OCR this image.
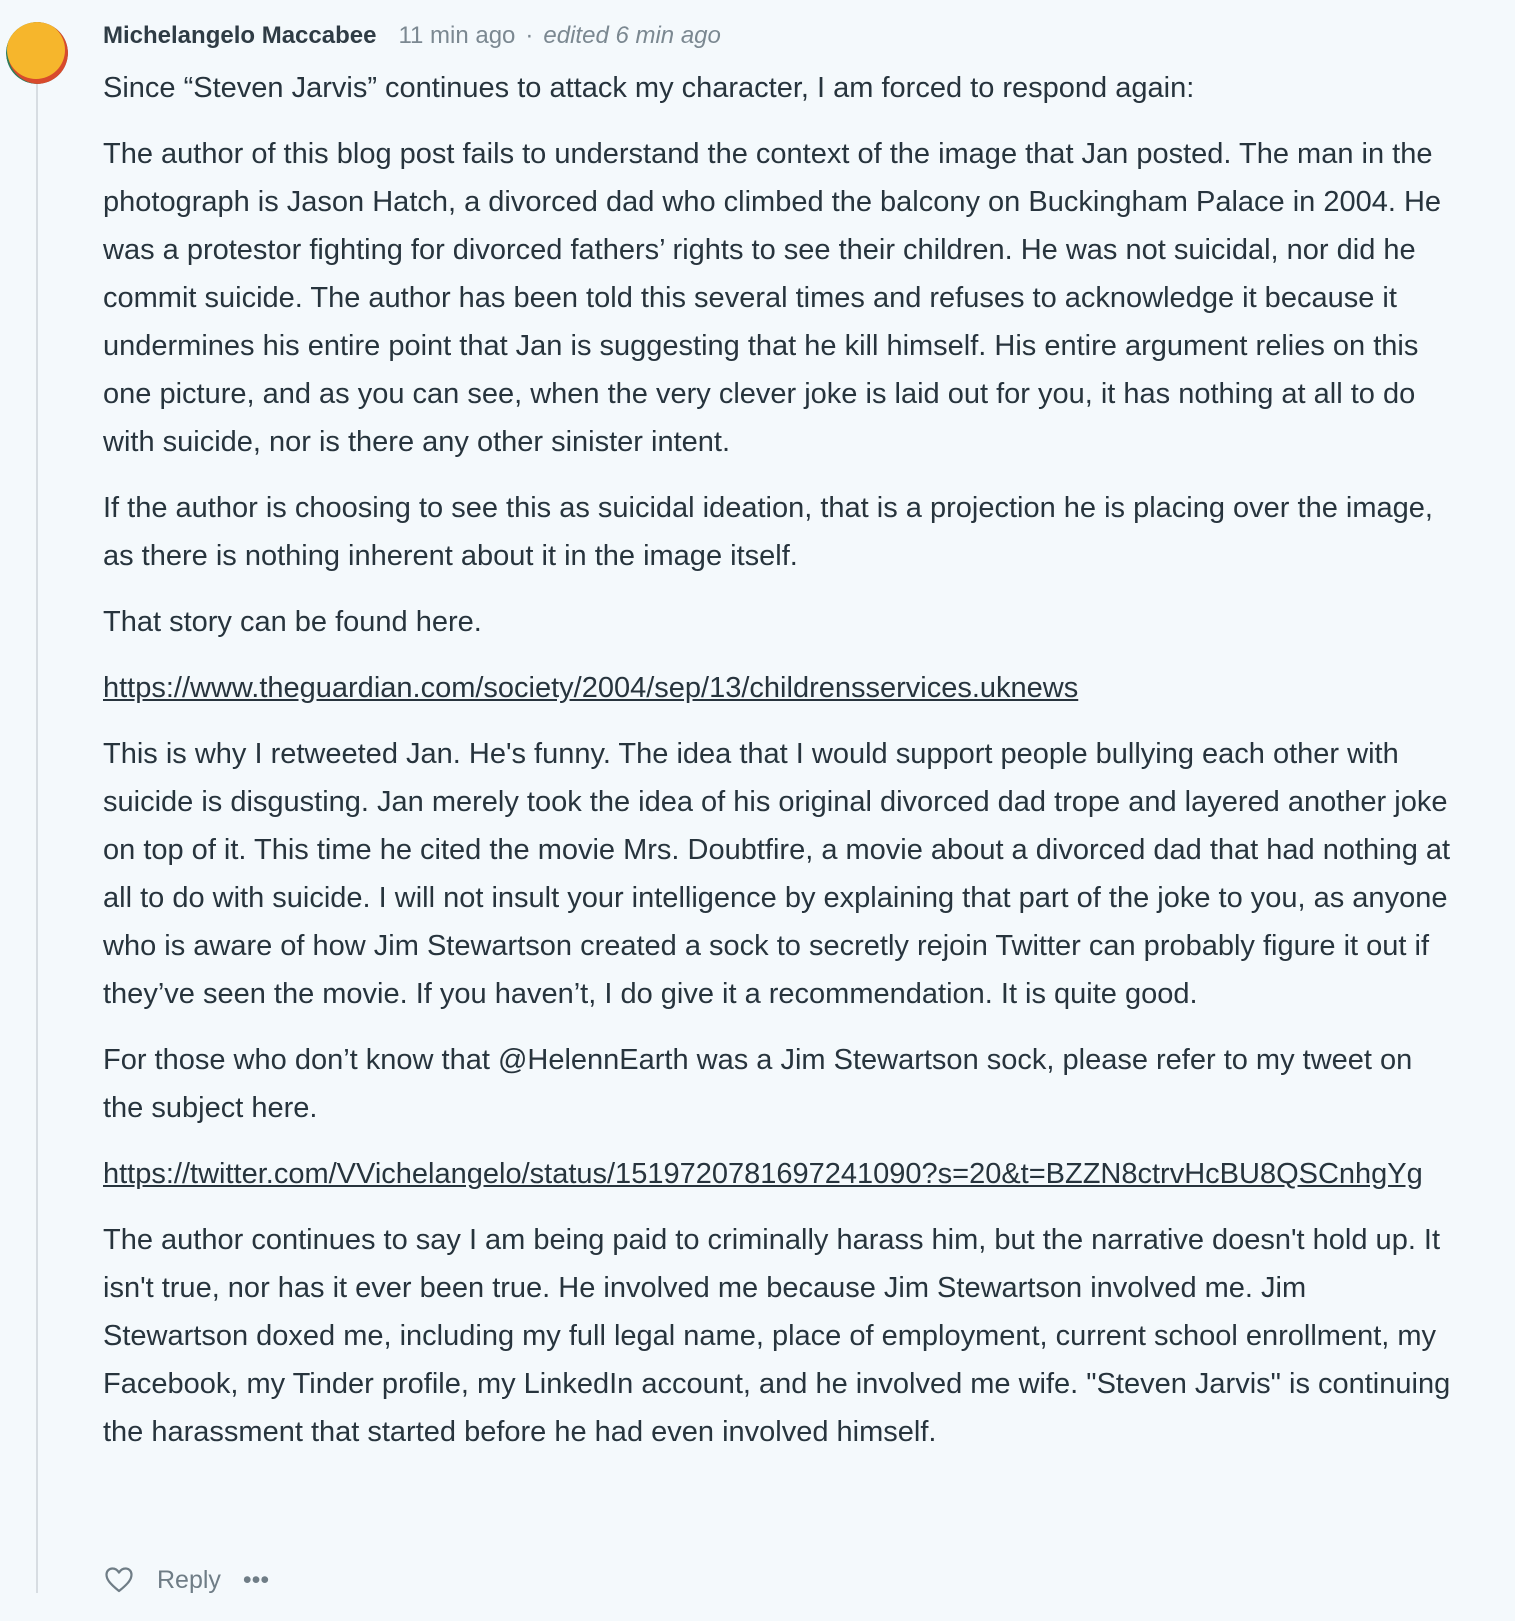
Michelangelo Maccabee 11 min ago · edited 6 min ago

Since “Steven Jarvis” continues to attack my character, I am forced to respond again:

The author of this blog post fails to understand the context of the image that Jan posted. The man in the photograph is Jason Hatch, a divorced dad who climbed the balcony on Buckingham Palace in 2004. He was a protestor fighting for divorced fathers’ rights to see their children. He was not suicidal, nor did he commit suicide. The author has been told this several times and refuses to acknowledge it because it undermines his entire point that Jan is suggesting that he kill himself. His entire argument relies on this one picture, and as you can see, when the very clever joke is laid out for you, it has nothing at all to do with suicide, nor is there any other sinister intent.

If the author is choosing to see this as suicidal ideation, that is a projection he is placing over the image, as there is nothing inherent about it in the image itself.

That story can be found here.

https://www.theguardian.com/society/2004/sep/13/childrensservices.uknews

This is why I retweeted Jan. He's funny. The idea that I would support people bullying each other with suicide is disgusting. Jan merely took the idea of his original divorced dad trope and layered another joke on top of it. This time he cited the movie Mrs. Doubtfire, a movie about a divorced dad that had nothing at all to do with suicide. I will not insult your intelligence by explaining that part of the joke to you, as anyone who is aware of how Jim Stewartson created a sock to secretly rejoin Twitter can probably figure it out if they’ve seen the movie. If you haven’t, I do give it a recommendation. It is quite good.

For those who don’t know that @HelennEarth was a Jim Stewartson sock, please refer to my tweet on the subject here.

https://twitter.com/VVichelangelo/status/1519720781697241090?s=20&t=BZZN8ctrvHcBU8QSCnhgYg

The author continues to say I am being paid to criminally harass him, but the narrative doesn't hold up. It isn't true, nor has it ever been true. He involved me because Jim Stewartson involved me. Jim Stewartson doxed me, including my full legal name, place of employment, current school enrollment, my Facebook, my Tinder profile, my LinkedIn account, and he involved me wife. "Steven Jarvis" is continuing the harassment that started before he had even involved himself.

Reply •••
